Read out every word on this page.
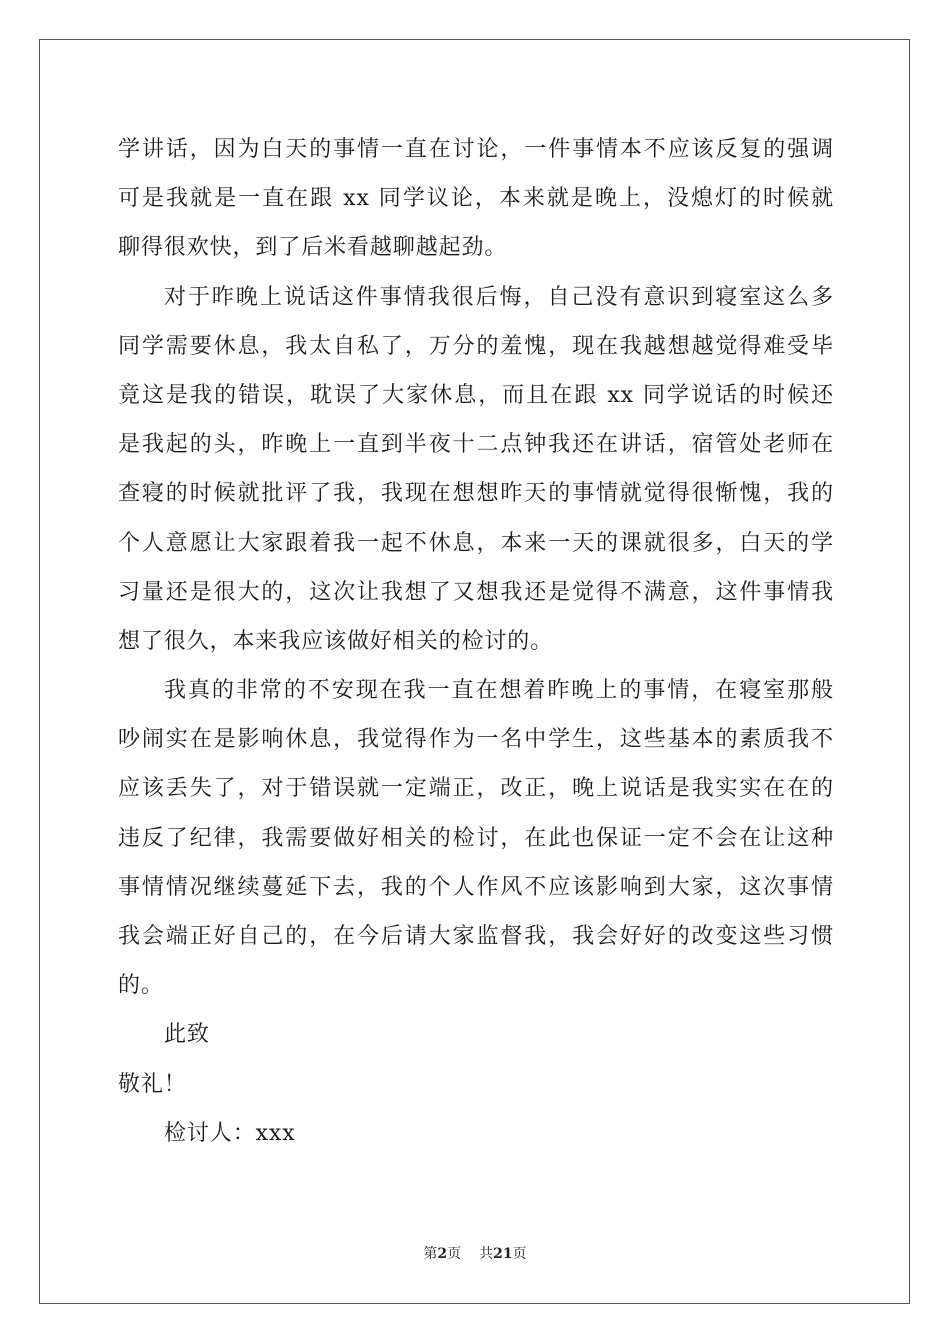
学讲话，因为白天的事情一直在讨论，一件事情本不应该反复的强调
可是我就是一直在跟 xx 同学议论，本来就是晚上，没熄灯的时候就
聊得很欢快，到了后米看越聊越起劲。
对于昨晚上说话这件事情我很后悔，自己没有意识到寝室这么多
同学需要休息，我太自私了，万分的羞愧，现在我越想越觉得难受毕
竟这是我的错误，耽误了大家休息，而且在跟 xx 同学说话的时候还
是我起的头，昨晚上一直到半夜十二点钟我还在讲话，宿管处老师在
查寝的时候就批评了我，我现在想想昨天的事情就觉得很惭愧，我的
个人意愿让大家跟着我一起不休息，本来一天的课就很多，白天的学
习量还是很大的，这次让我想了又想我还是觉得不满意，这件事情我
想了很久，本来我应该做好相关的检讨的。
我真的非常的不安现在我一直在想着昨晚上的事情，在寝室那般
吵闹实在是影响休息，我觉得作为一名中学生，这些基本的素质我不
应该丢失了，对于错误就一定端正，改正，晚上说话是我实实在在的
违反了纪律，我需要做好相关的检讨，在此也保证一定不会在让这种
事情情况继续蔓延下去，我的个人作风不应该影响到大家，这次事情
我会端正好自己的，在今后请大家监督我，我会好好的改变这些习惯
的。
此致
敬礼！
检讨人：xxx
第2页 共21页
